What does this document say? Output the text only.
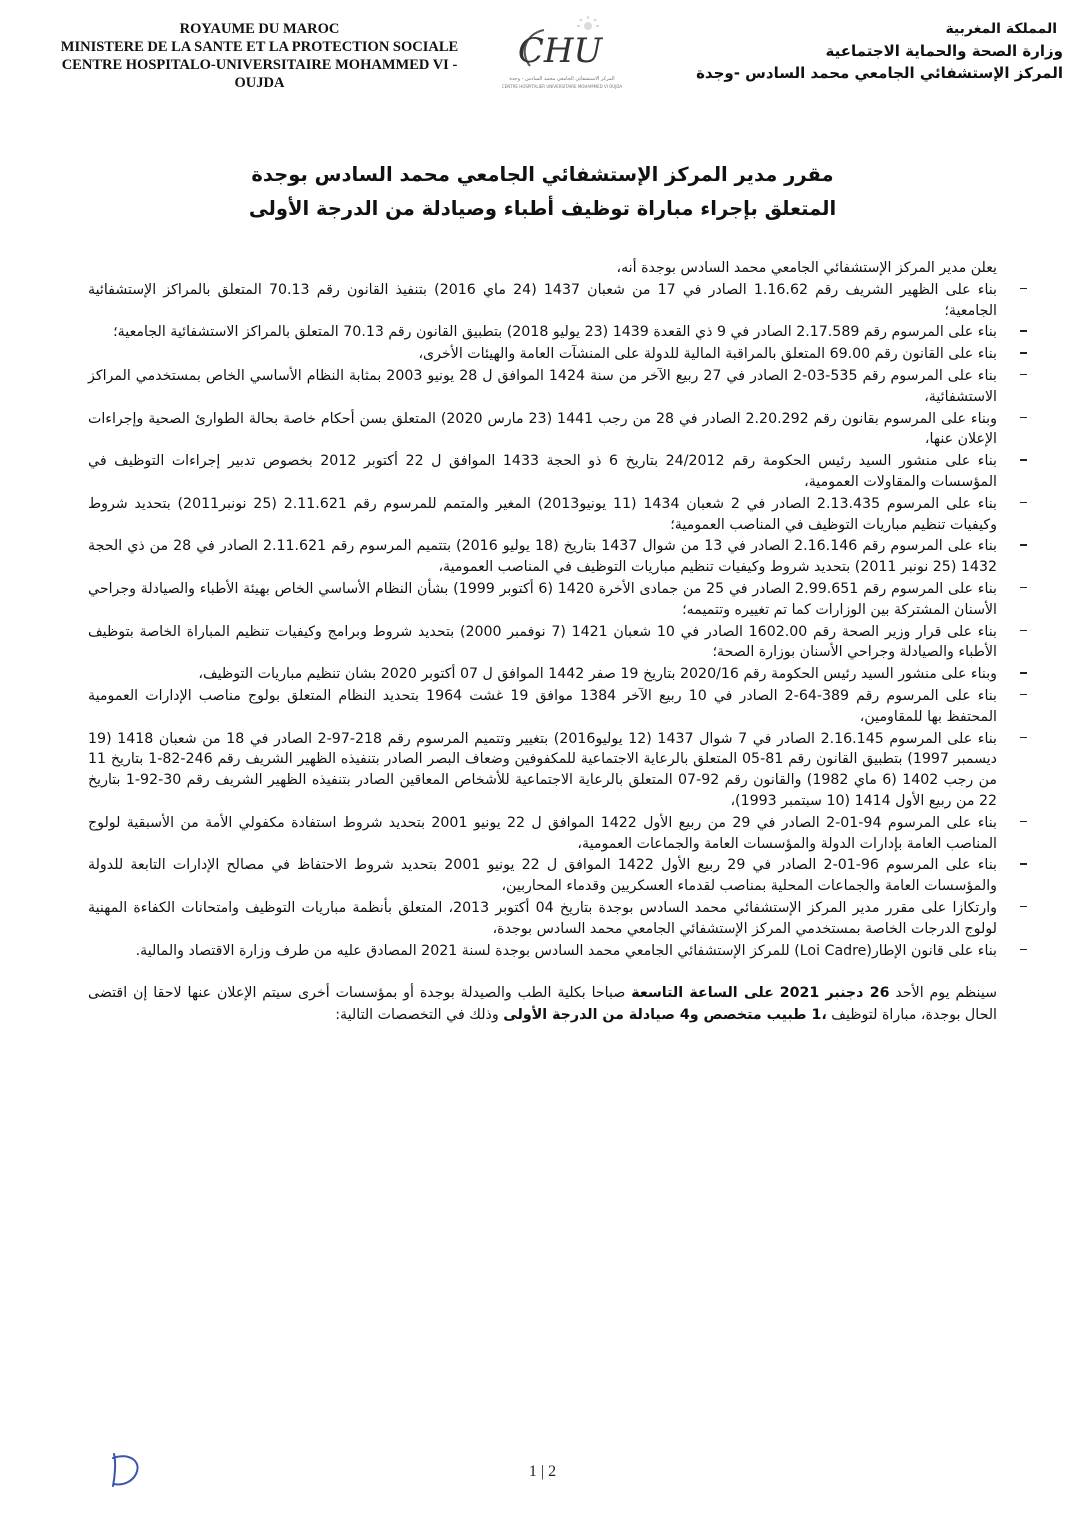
ROYAUME DU MAROC
MINISTERE DE LA SANTE ET LA PROTECTION SOCIALE
CENTRE HOSPITALO-UNIVERSITAIRE MOHAMMED VI -
OUJDA
CHU
المركز الاستشفائي الجامعي محمد السادس - وجدة
CENTRE HOSPITALIER UNIVERSITAIRE MOHAMMED VI OUJDA
المملكة المغربية
وزارة الصحة والحماية الاجتماعية
المركز الإستشفائي الجامعي محمد السادس -وجدة
مقرر مدير المركز الإستشفائي الجامعي محمد السادس بوجدة
المتعلق بإجراء مباراة توظيف أطباء وصيادلة من الدرجة الأولى
يعلن مدير المركز الإستشفائي الجامعي محمد السادس بوجدة أنه،
بناء على الظهير الشريف رقم 1.16.62 الصادر في 17 من شعبان 1437 (24 ماي 2016) بتنفيذ القانون رقم 70.13 المتعلق بالمراكز الإستشفائية الجامعية؛
بناء على المرسوم رقم 2.17.589 الصادر في 9 ذي القعدة 1439 (23 يوليو 2018) بتطبيق القانون رقم 70.13 المتعلق بالمراكز الاستشفائية الجامعية؛
بناء على القانون رقم 69.00 المتعلق بالمراقبة المالية للدولة على المنشآت العامة والهيئات الأخرى،
بناء على المرسوم رقم 535-03-2 الصادر في 27 ربيع الآخر من سنة 1424 الموافق ل 28 يونيو 2003 بمثابة النظام الأساسي الخاص بمستخدمي المراكز الاستشفائية،
وبناء على المرسوم بقانون رقم 2.20.292 الصادر في 28 من رجب 1441 (23 مارس 2020) المتعلق بسن أحكام خاصة بحالة الطوارئ الصحية وإجراءات الإعلان عنها،
بناء على منشور السيد رئيس الحكومة رقم 24/2012 بتاريخ 6 ذو الحجة 1433 الموافق ل 22 أكتوبر 2012 بخصوص تدبير إجراءات التوظيف في المؤسسات والمقاولات العمومية،
بناء على المرسوم 2.13.435 الصادر في 2 شعبان 1434 (11 يونيو2013) المغير والمتمم للمرسوم رقم 2.11.621 (25 نونبر2011) بتحديد شروط وكيفيات تنظيم مباريات التوظيف في المناصب العمومية؛
بناء على المرسوم رقم 2.16.146 الصادر في 13 من شوال 1437 بتاريخ (18 يوليو 2016) بتتميم المرسوم رقم 2.11.621 الصادر في 28 من ذي الحجة 1432 (25 نونبر 2011) بتحديد شروط وكيفيات تنظيم مباريات التوظيف في المناصب العمومية،
بناء على المرسوم رقم 2.99.651 الصادر في 25 من جمادى الأخرة 1420 (6 أكتوبر 1999) بشأن النظام الأساسي الخاص بهيئة الأطباء والصيادلة وجراحي الأسنان المشتركة بين الوزارات كما تم تغييره وتتميمه؛
بناء على قرار وزير الصحة رقم 1602.00 الصادر في 10 شعبان 1421 (7 نوفمبر 2000) بتحديد شروط وبرامج وكيفيات تنظيم المباراة الخاصة بتوظيف الأطباء والصيادلة وجراحي الأسنان بوزارة الصحة؛
وبناء على منشور السيد رئيس الحكومة رقم 2020/16 بتاريخ 19 صفر 1442 الموافق ل 07 أكتوبر 2020 بشان تنظيم مباريات التوظيف،
بناء على المرسوم رقم 389-64-2 الصادر في 10 ربيع الآخر 1384 موافق 19 غشت 1964 بتحديد النظام المتعلق بولوج مناصب الإدارات العمومية المحتفظ بها للمقاومين،
بناء على المرسوم 2.16.145 الصادر في 7 شوال 1437 (12 يوليو2016) بتغيير وتتميم المرسوم رقم 218-97-2 الصادر في 18 من شعبان 1418 (19 ديسمبر 1997) بتطبيق القانون رقم 81-05 المتعلق بالرعاية الاجتماعية للمكفوفين وضعاف البصر الصادر بتنفيذه الظهير الشريف رقم 246-82-1 بتاريخ 11 من رجب 1402 (6 ماي 1982) والقانون رقم 92-07 المتعلق بالرعاية الاجتماعية للأشخاص المعاقين الصادر بتنفيذه الظهير الشريف رقم 30-92-1 بتاريخ 22 من ربيع الأول 1414 (10 سبتمبر 1993)،
بناء على المرسوم 94-01-2 الصادر في 29 من ربيع الأول 1422 الموافق ل 22 يونيو 2001 بتحديد شروط استفادة مكفولي الأمة من الأسبقية لولوج المناصب العامة بإدارات الدولة والمؤسسات العامة والجماعات العمومية،
بناء على المرسوم 96-01-2 الصادر في 29 ربيع الأول 1422 الموافق ل 22 يونيو 2001 بتحديد شروط الاحتفاظ في مصالح الإدارات التابعة للدولة والمؤسسات العامة والجماعات المحلية بمناصب لقدماء العسكريين وقدماء المحاربين،
وارتكازا على مقرر مدير المركز الإستشفائي محمد السادس بوجدة بتاريخ 04 أكتوبر 2013، المتعلق بأنظمة مباريات التوظيف وامتحانات الكفاءة المهنية لولوج الدرجات الخاصة بمستخدمي المركز الإستشفائي الجامعي محمد السادس بوجدة،
بناء على قانون الإطار(Loi Cadre) للمركز الإستشفائي الجامعي محمد السادس بوجدة لسنة 2021 المصادق عليه من طرف وزارة الاقتصاد والمالية.
سينظم يوم الأحد 26 دجنبر 2021 على الساعة التاسعة صباحا بكلية الطب والصيدلة بوجدة أو بمؤسسات أخرى سيتم الإعلان عنها لاحقا إن اقتضى الحال بوجدة، مباراة لتوظيف ،1 طبيب متخصص و4 صيادلة من الدرجة الأولى وذلك في التخصصات التالية:
1 | 2
